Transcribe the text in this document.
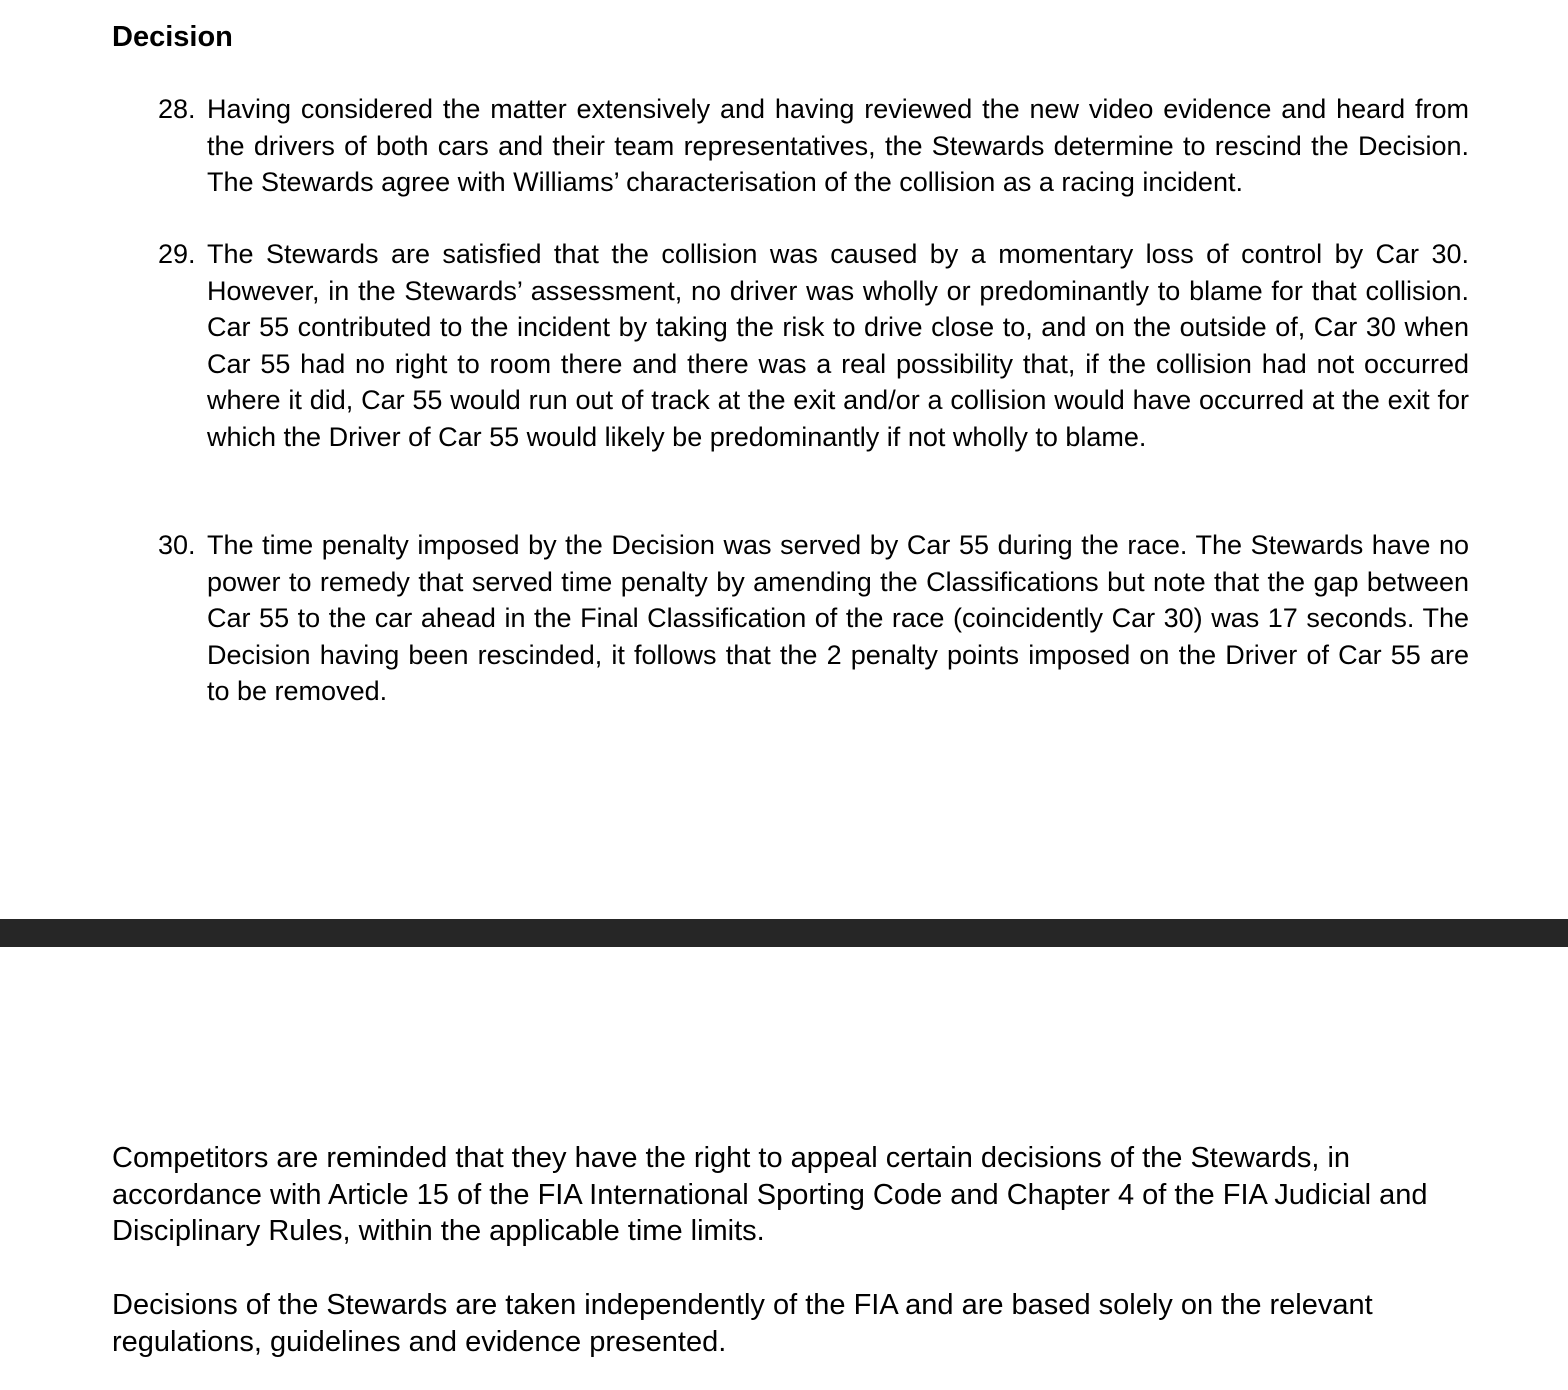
Decision
28. Having considered the matter extensively and having reviewed the new video evidence and heard from the drivers of both cars and their team representatives, the Stewards determine to rescind the Decision. The Stewards agree with Williams’ characterisation of the collision as a racing incident.
29. The Stewards are satisfied that the collision was caused by a momentary loss of control by Car 30. However, in the Stewards’ assessment, no driver was wholly or predominantly to blame for that collision. Car 55 contributed to the incident by taking the risk to drive close to, and on the outside of, Car 30 when Car 55 had no right to room there and there was a real possibility that, if the collision had not occurred where it did, Car 55 would run out of track at the exit and/or a collision would have occurred at the exit for which the Driver of Car 55 would likely be predominantly if not wholly to blame.
30. The time penalty imposed by the Decision was served by Car 55 during the race. The Stewards have no power to remedy that served time penalty by amending the Classifications but note that the gap between Car 55 to the car ahead in the Final Classification of the race (coincidently Car 30) was 17 seconds. The Decision having been rescinded, it follows that the 2 penalty points imposed on the Driver of Car 55 are to be removed.

Competitors are reminded that they have the right to appeal certain decisions of the Stewards, in accordance with Article 15 of the FIA International Sporting Code and Chapter 4 of the FIA Judicial and Disciplinary Rules, within the applicable time limits.

Decisions of the Stewards are taken independently of the FIA and are based solely on the relevant regulations, guidelines and evidence presented.
